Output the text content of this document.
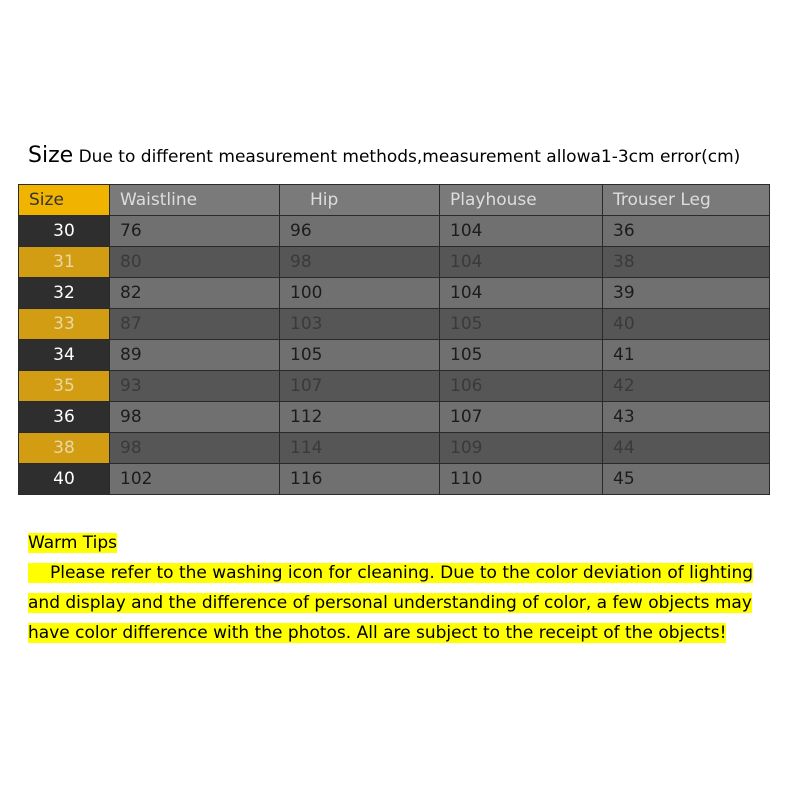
Size Due to different measurement methods,measurement allowa1-3cm error(cm)
Size	Waistline	Hip	Playhouse	Trouser Leg
30	76	96	104	36
31	80	98	104	38
32	82	100	104	39
33	87	103	105	40
34	89	105	105	41
35	93	107	106	42
36	98	112	107	43
38	98	114	109	44
40	102	116	110	45
Warm Tips

Please refer to the washing icon for cleaning. Due to the color deviation of lighting
and display and the difference of personal understanding of color, a few objects may
have color difference with the photos. All are subject to the receipt of the objects!
